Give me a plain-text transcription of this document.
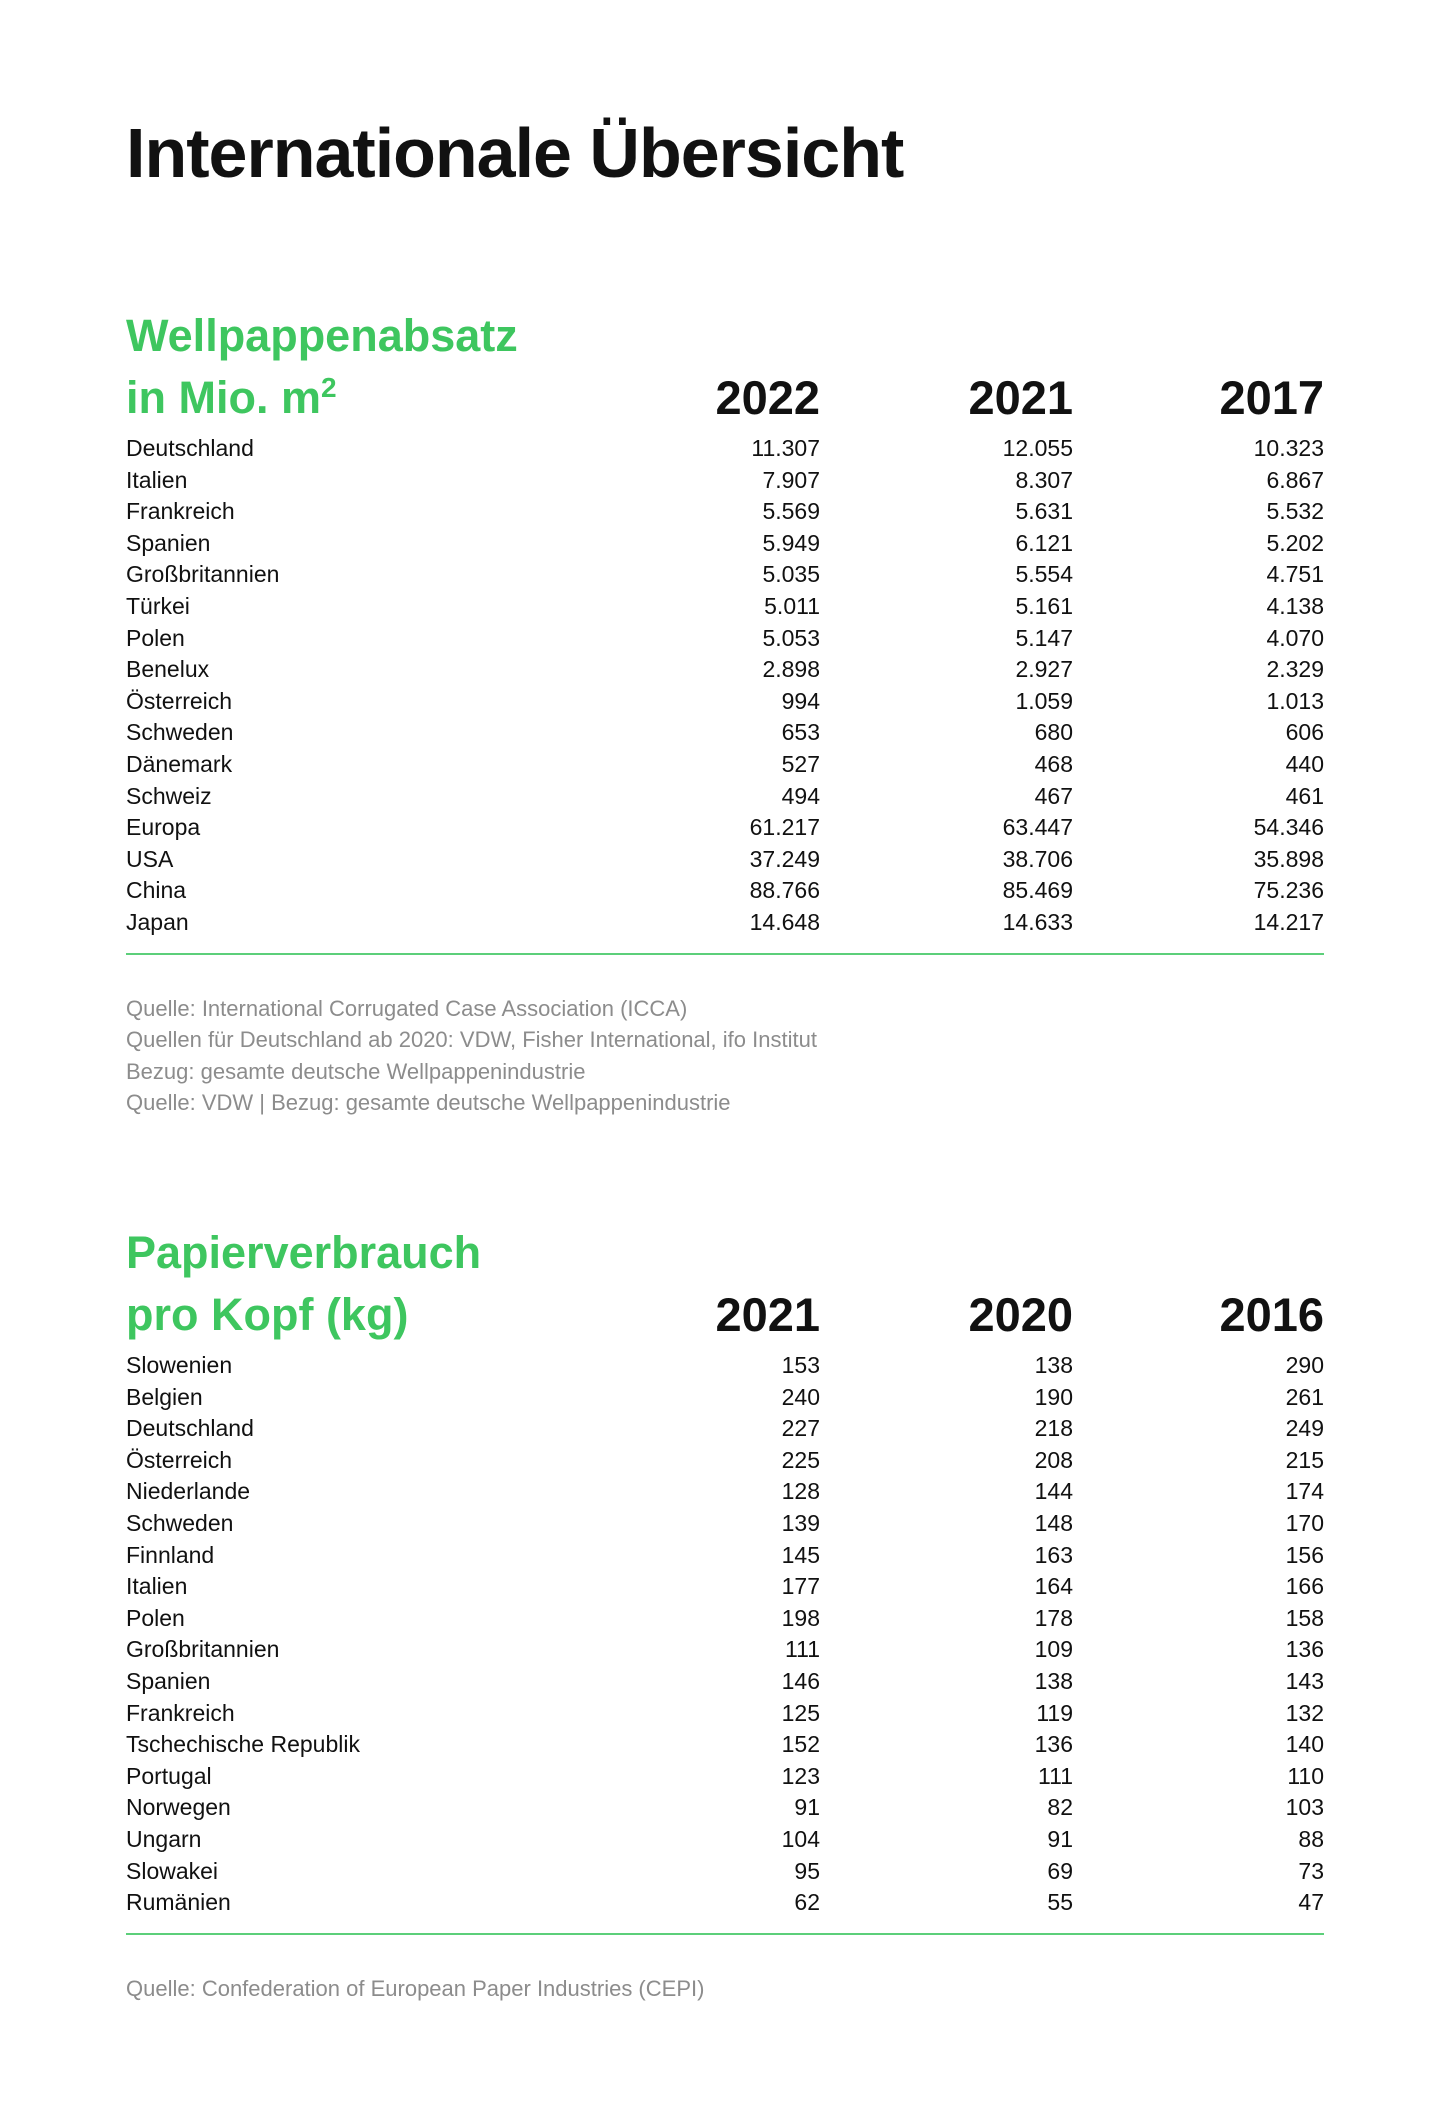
Internationale Übersicht
Wellpappenabsatz
in Mio. $m^2$	2022	2021	2017
Deutschland	11.307	12.055	10.323
Italien	7.907	8.307	6.867
Frankreich	5.569	5.631	5.532
Spanien	5.949	6.121	5.202
Großbritannien	5.035	5.554	4.751
Türkei	5.011	5.161	4.138
Polen	5.053	5.147	4.070
Benelux	2.898	2.927	2.329
Österreich	994	1.059	1.013
Schweden	653	680	606
Dänemark	527	468	440
Schweiz	494	467	461
Europa	61.217	63.447	54.346
USA	37.249	38.706	35.898
China	88.766	85.469	75.236
Japan	14.648	14.633	14.217
Quelle: International Corrugated Case Association (ICCA)
Quellen für Deutschland ab 2020: VDW, Fisher International, ifo Institut
Bezug: gesamte deutsche Wellpappenindustrie
Quelle: VDW | Bezug: gesamte deutsche Wellpappenindustrie
Papierverbrauch
pro Kopf (kg)	2021	2020	2016
Slowenien	153	138	290
Belgien	240	190	261
Deutschland	227	218	249
Österreich	225	208	215
Niederlande	128	144	174
Schweden	139	148	170
Finnland	145	163	156
Italien	177	164	166
Polen	198	178	158
Großbritannien	111	109	136
Spanien	146	138	143
Frankreich	125	119	132
Tschechische Republik	152	136	140
Portugal	123	111	110
Norwegen	91	82	103
Ungarn	104	91	88
Slowakei	95	69	73
Rumänien	62	55	47
Quelle: Confederation of European Paper Industries (CEPI)
